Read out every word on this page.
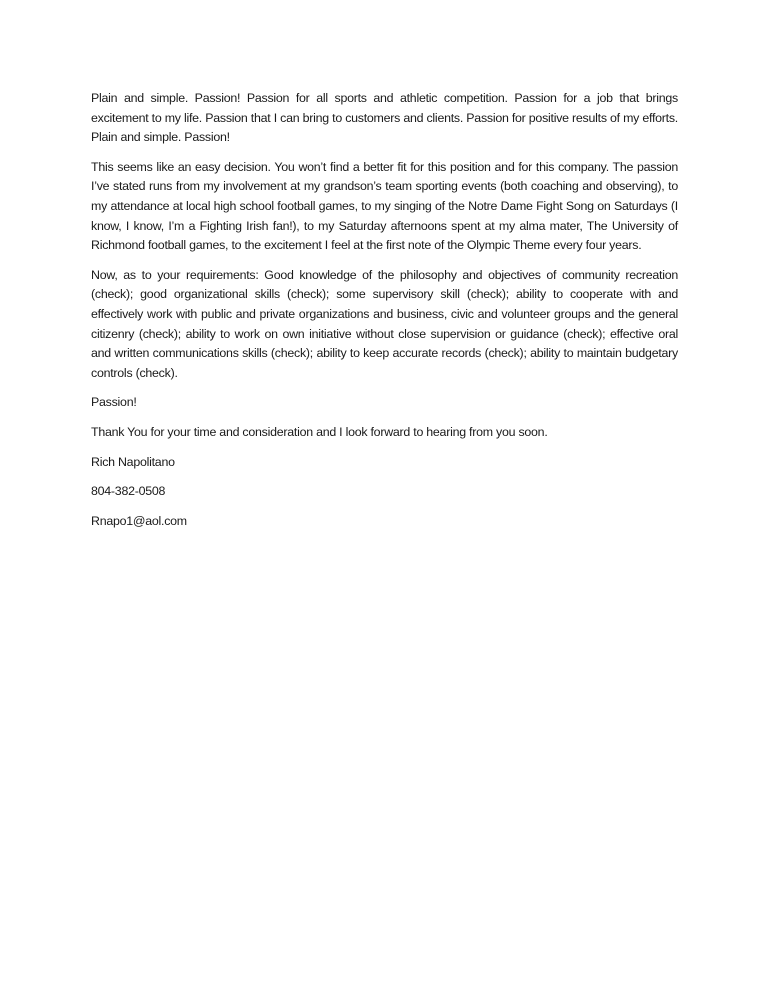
Plain and simple. Passion! Passion for all sports and athletic competition. Passion for a job that brings excitement to my life. Passion that I can bring to customers and clients. Passion for positive results of my efforts. Plain and simple. Passion!

This seems like an easy decision. You won’t find a better fit for this position and for this company. The passion I’ve stated runs from my involvement at my grandson’s team sporting events (both coaching and observing), to my attendance at local high school football games, to my singing of the Notre Dame Fight Song on Saturdays (I know, I know, I’m a Fighting Irish fan!), to my Saturday afternoons spent at my alma mater, The University of Richmond football games, to the excitement I feel at the first note of the Olympic Theme every four years.

Now, as to your requirements: Good knowledge of the philosophy and objectives of community recreation (check); good organizational skills (check); some supervisory skill (check); ability to cooperate with and effectively work with public and private organizations and business, civic and volunteer groups and the general citizenry (check); ability to work on own initiative without close supervision or guidance (check); effective oral and written communications skills (check); ability to keep accurate records (check); ability to maintain budgetary controls (check).

Passion!

Thank You for your time and consideration and I look forward to hearing from you soon.

Rich Napolitano

804-382-0508

Rnapo1@aol.com
